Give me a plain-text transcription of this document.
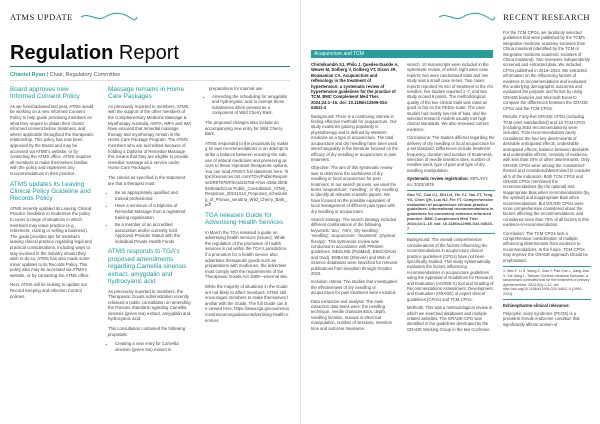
ATMS UPDATE
Regulation Report
Chantel Ryan | Chair, Regulatory Committee
Board approves new Informed Consent Policy

As we foreshadowed last year, ATMS would be working on a new Informed Consent Policy to help guide practising members on what they require to obtain their clients' informed consent before treatment, and where applicable throughout the therapeutic relationship. This policy has now been approved by the Board and may be accessed via ATMS's website, or by contacting the ATMS office. ATMS requires all members to make themselves familiar with the policy and implement any recommendations in their practice.

ATMS updates its Leaving Clinical Policy Guideline and Records Policy

ATMS recently updated its Leaving Clinical Practice Guideline to modernise the policy to cover a range of situations in which members may leave practice (e.g., retirement, closing or selling a business). The guide provides tips for members leaving clinical practice regarding legal and practical considerations, including ways to stay involved in the industry should they wish to do so. ATMS has also made some minor updates to its Records Policy. This policy also may be accessed via ATMS's website, or by contacting the ATMS office.

Next, ATMS will be looking to update our Record Keeping and Infection Control policies.

Massage remains in Home Care Packages

As previously reported to members, ATMS, with the support of the other members of the Complementary Medicine Massage & Myotherapy Australia, AMTA, IMFA and IMA have ensured that remedial massage therapy and myotherapy remain in the Home Care Package Program. The ATMS members who are accredited because of holding a Diploma of Remedial Massage this means that they are eligible to provide remedial massage as a service under Home Care Packages.

The criteria as specified in the statement are that a therapist must:

• Be an appropriately qualified and trained professional
• Have a minimum of a Diploma of Remedial Massage from a registered training organisation
• Be a member of an accredited association and/or currently hold Approved Provider Status with the individual Private Health Funds
ATMS responds to TGA's proposed amendments regarding Camellia sinensis extract, amygdalin and hydrocyanic acid

As previously reported to members, the Therapeutic Goods Administration recently released a public consultation on amending the Poisons Standard regarding Camellia sinensis (green tea) extract, amygdalin and hydrocyanic acid.

This consultation contained the following proposals:

• Creating a new entry for Camellia sinensis (green tea) extract in
preparations for internal use
• Amending the scheduling for amygdalin and hydrocyanic acid to exempt these substances when present as a component of Wild Cherry Bark.

The proposed changes also include an accompanying new entry for Wild Cherry Bark.

ATMS responded to the proposals by making its own recommendations in an attempt to strike a balance between ensuring the safe use of natural medicines and preserving access to these important therapeutic options. You can read ATMS's full statement here: https://resources.tmt.com/TGA/PublicResponseDR07878/File/Jdsl4755-Ahss-438a-2b05-63464ad1/Joe Public_Consultation_ATMS_Response_20241013_Proposed_scheduling_of_Prunus_serotina_Wild_Cherry_Bark_.pdf

TGA releases Guide for Advertising Health Services

In March the TGA released a guide on advertising health services (issues). While the regulation of the promotion of health services is not within the TGA's jurisdiction, if a promotion for a health service also advertises therapeutic goods such as preparations with medicines, the advertiser must comply with the requirements of the Therapeutic Goods Act 1989—external site.

While the majority of situations in the Guide are not likely to affect members, ATMS still encourages members to make themselves familiar with the Guide. The full Guide can be viewed here: https://www.tga.gov.au/resources/resource/guidance/advertising-health-services

RECENT RESEARCH
Acupuncture and TCM

Chirmikumbh SJ, Philo J, Quedes-Dualde A, Wewer M, Dolberg V, Dolberg VT, Dixon JR, Bouwanian CA. Acupuncture and reflexology in the treatment of hypertension: a systematic review of hypertension guidelines for the practice of TCM. BMC Complement Med Ther. 2024;24:1–16. doi: 10.1186/s12906-024-04611-4

Background: There is a continuing interest in finding effective methods for acupuncture. Our study examines gaining popularity in physiotherapy and is defined by Western medicine as a type of acupuncture. The total acupuncture and dry needling have been used interchangeably in the literature focused on the efficacy of dry needling or acupuncture in pain treatment.

Objective: The aim of this systematic review was to determine the usefulness of dry needling or local acupuncture for pain treatment. In our search process, we used the terms 'acupuncture', 'needling', or 'dry needling' to identify all relevant scientific papers. We have focused on the possible equivalent of local management of different pain types with dry needling or acupuncture.

Search strategy: The search strategy included different combinations of the following keywords: 'acu', 'Ashi', 'dry-needling', 'needling', 'acupuncture', 'treatment', 'physical therapy'. This systematic review was conducted in accordance with PRISMA guidelines. MEDLINE (PubMed), EBSCOHost and Ovid), EMBASE (Elsevier) and Web of Science databases were searched for relevant publications from inception through October 2023.

Inclusion criteria: The studies that investigated the effectiveness of dry needling or acupuncture for pain treatment were included.

Data extraction and analysis: The main extraction data items were: the needling technique, needle characteristics, depth, needling location, manual or electrical manipulation, number of sessions, retention time and outcome measures.

search. 10 manuscripts were included in the systematic review, of which eight were case reports, two were randomised trials and one study was a small case series. Two cases reports reported >5 min of treatment to the Ahi needles, five studies reported 1–7, and two study scored 9 points. The methodological quality of the two clinical trials was rated as good or fair on the PEDro scale. The case studies had mostly low risk of bias, and the selected research models usually met high clinical standards. We also reviewed current evidence.

Conclusions: The studies differed regarding the delivery of dry needling or local acupuncture for a set standard. Differences include treatment frequency, duration and number of treatments, selection of needle insertion sites, number of needles used, type of pain and type of dry needling manipulation.

Systematic review registration: INPLASY, no. 2023/4978

Gao YC, Cao CJ, Shi LH, Yin YJ, Tao ZT, Teng YX, Chen QH, Luo NJ, Fei YT. Comprehensive evaluation of acupuncture clinical practice guidelines: international recommendations in guidelines for consistent evidence-informed practice. BMC Complement Med Ther. 2024;24:1–15. doi: 10.1186/s12906-024-04523-7

Background: The overall comprehensive considerations of the factors influencing the recommendations in acupuncture clinical practice guidelines (CPGs) have not been specifically studied. This study systematically evaluates the factors influencing recommendations in acupuncture guidelines using the Appraisal of Guidelines for Research and Evaluation (AGREE II) tool and Grading of Recommendations Assessment, Development, and Evaluation (GRADE) of expert clinical guidelines (CPGs) and TCM CPGs.

Methods: This was a methodological review in which we searched databases and multiple related websites. The GRADE-CPG was identified in the guidelines developed by the GRADE Working Group in the two Cochrane

For the TCM CPGs, we randomly selected guidelines that were published by the TCM's integrative medicine academy societies from China mainland (identified by the TCM or integrative medicine academic societies of China mainland). Two reviewers independently screened and extracted data. We included CPGs published in 2016–2023. We extracted information on the influencing factors of evidence to recommendations and evaluated the underlying demographic outcomes and evaluated the purpose and format by using GRADE features and Microsoft Excel to compare the differences between the GRADE CPGs and the TCM CPGs.

Results: Forty-five GRADE CPGs (including TCM ones standardized) and 16 TCM CPGs (including 2652 recommendations) were included. TCM recommendations rarely considered the four key determinants of desirable anticipated effects, undesirable anticipated effects, balance between desirable and undesirable effects, certainty of evidence, with less than 20% of other determinants. Only GRADE CPGs were among the 'considered' themes and considered/determined to consider all 5 of the indicators. Both TCM CPGs and GRADE CPGs mentioned the recommendations (by the optimal) and inappropriate Bias when recommendations (by the optimal) and inappropriate Bias when recommendations. But GRADE CPGs were more comprehensive considered about the factors affecting the recommendations, and considered more than 75% of all factors in this evidence-to-recommendation.

Conclusion: The TCM CPGs lack a comprehensive consideration of multiple influencing determinants from evidence to recommendations. In the future, TCM CPGs may improve the GRADE approach should be emphasised.

1. Wen F, Li S, Wang Z, Xiao Y, Pan-Yue L, Jiang-Jiao X, Xie Jiang L, Taichao Chinese medicine formulas: a randomised controlled trial for the treatment of primary dysmenorrhea. 2024;5(3):1-12. doi: http://doi.org/10.1186/s12906-024-04611-4 (1994–2024).

Echinopharmo-clinical relevance:

Polycystic ovary syndrome (PCOS) is a prevalent female endocrine condition that significantly affects women of
